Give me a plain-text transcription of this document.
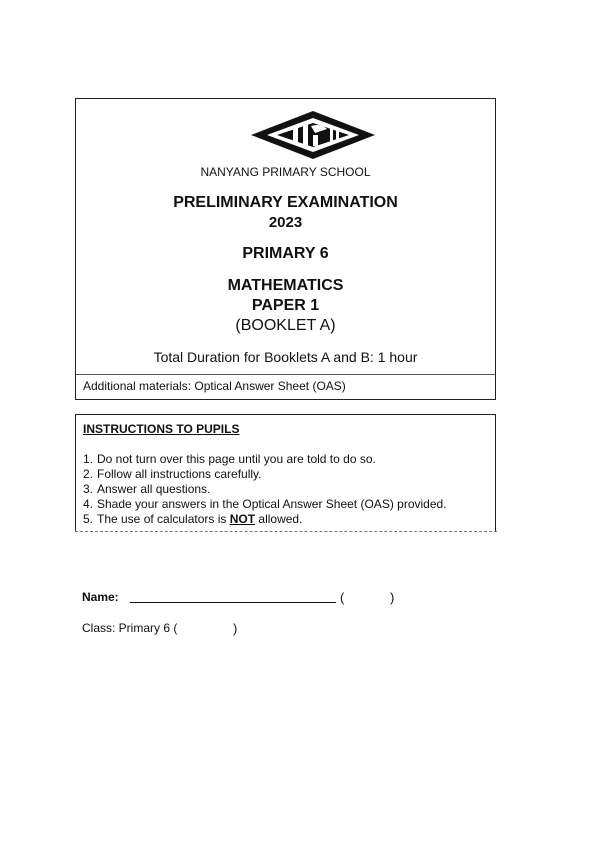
NANYANG PRIMARY SCHOOL
PRELIMINARY EXAMINATION
2023
PRIMARY 6
MATHEMATICS
PAPER 1
(BOOKLET A)
Total Duration for Booklets A and B: 1 hour
Additional materials: Optical Answer Sheet (OAS)
INSTRUCTIONS TO PUPILS
1. Do not turn over this page until you are told to do so.
2. Follow all instructions carefully.
3. Answer all questions.
4. Shade your answers in the Optical Answer Sheet (OAS) provided.
5. The use of calculators is NOT allowed.
Name:	(	)
Class: Primary 6 (	)
